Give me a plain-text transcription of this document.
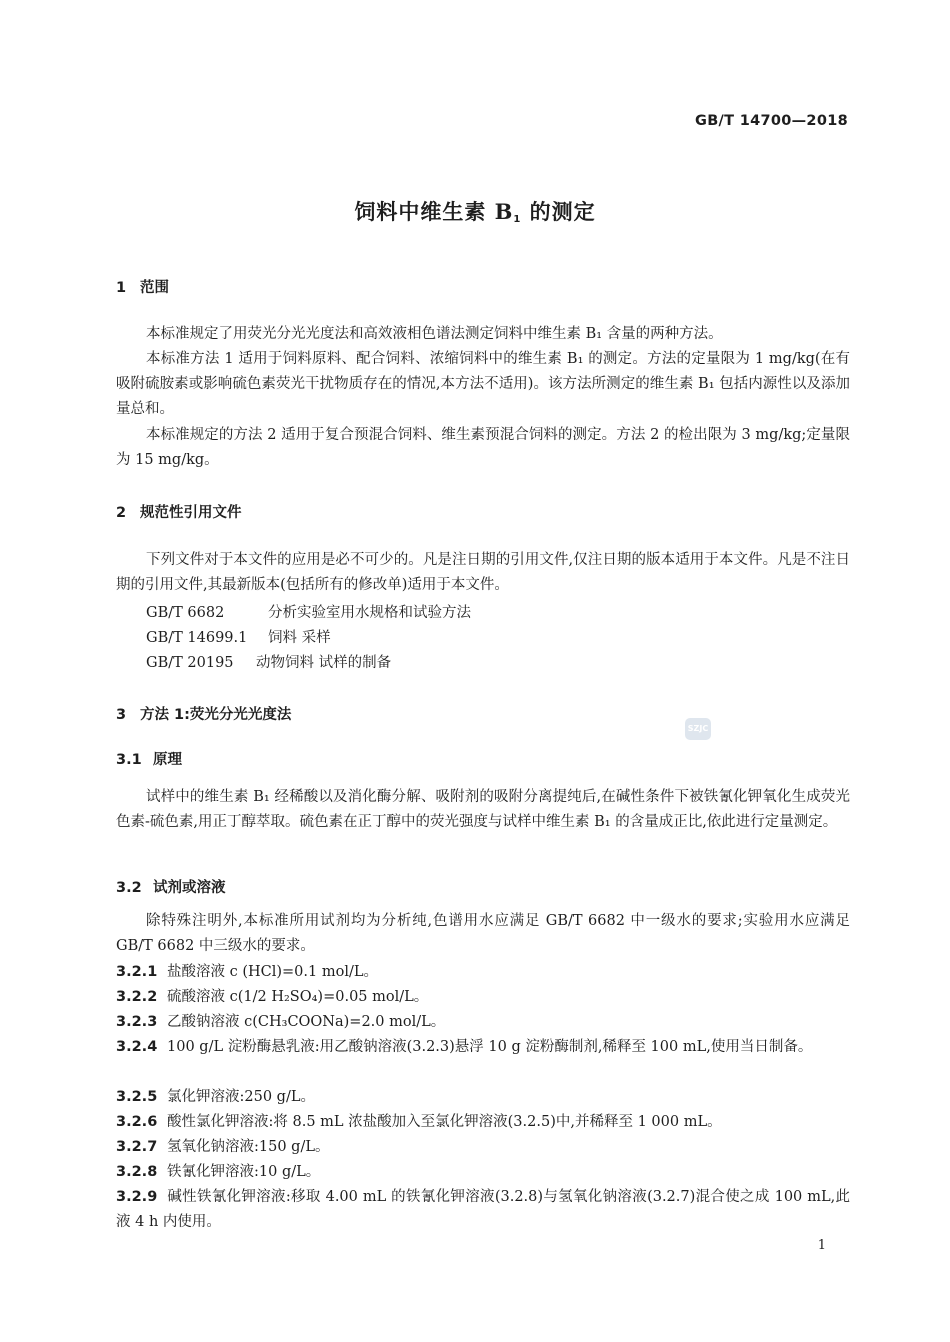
GB/T 14700—2018
饲料中维生素 $B_1$ 的测定
1 范围

本标准规定了用荧光分光光度法和高效液相色谱法测定饲料中维生素 B₁ 含量的两种方法。

本标准方法 1 适用于饲料原料、配合饲料、浓缩饲料中的维生素 B₁ 的测定。方法的定量限为 1 mg/kg(在有吸附硫胺素或影响硫色素荧光干扰物质存在的情况,本方法不适用)。该方法所测定的维生素 B₁ 包括内源性以及添加量总和。

本标准规定的方法 2 适用于复合预混合饲料、维生素预混合饲料的测定。方法 2 的检出限为 3 mg/kg;定量限为 15 mg/kg。

2 规范性引用文件

下列文件对于本文件的应用是必不可少的。凡是注日期的引用文件,仅注日期的版本适用于本文件。凡是不注日期的引用文件,其最新版本(包括所有的修改单)适用于本文件。

GB/T 6682	分析实验室用水规格和试验方法
GB/T 14699.1 饲料 采样
GB/T 20195 动物饲料 试样的制备
3 方法 1:荧光分光光度法
SZJC
3.1 原理

试样中的维生素 B₁ 经稀酸以及消化酶分解、吸附剂的吸附分离提纯后,在碱性条件下被铁氰化钾氧化生成荧光色素-硫色素,用正丁醇萃取。硫色素在正丁醇中的荧光强度与试样中维生素 B₁ 的含量成正比,依此进行定量测定。

3.2 试剂或溶液

除特殊注明外,本标准所用试剂均为分析纯,色谱用水应满足 GB/T 6682 中一级水的要求;实验用水应满足 GB/T 6682 中三级水的要求。

3.2.1 盐酸溶液 c (HCl)=0.1 mol/L。

3.2.2 硫酸溶液 c(1/2 H₂SO₄)=0.05 mol/L。

3.2.3 乙酸钠溶液 c(CH₃COONa)=2.0 mol/L。

3.2.4 100 g/L 淀粉酶悬乳液:用乙酸钠溶液(3.2.3)悬浮 10 g 淀粉酶制剂,稀释至 100 mL,使用当日制备。

3.2.5 氯化钾溶液:250 g/L。

3.2.6 酸性氯化钾溶液:将 8.5 mL 浓盐酸加入至氯化钾溶液(3.2.5)中,并稀释至 1 000 mL。

3.2.7 氢氧化钠溶液:150 g/L。

3.2.8 铁氰化钾溶液:10 g/L。

3.2.9 碱性铁氰化钾溶液:移取 4.00 mL 的铁氰化钾溶液(3.2.8)与氢氧化钠溶液(3.2.7)混合使之成 100 mL,此液 4 h 内使用。

1
